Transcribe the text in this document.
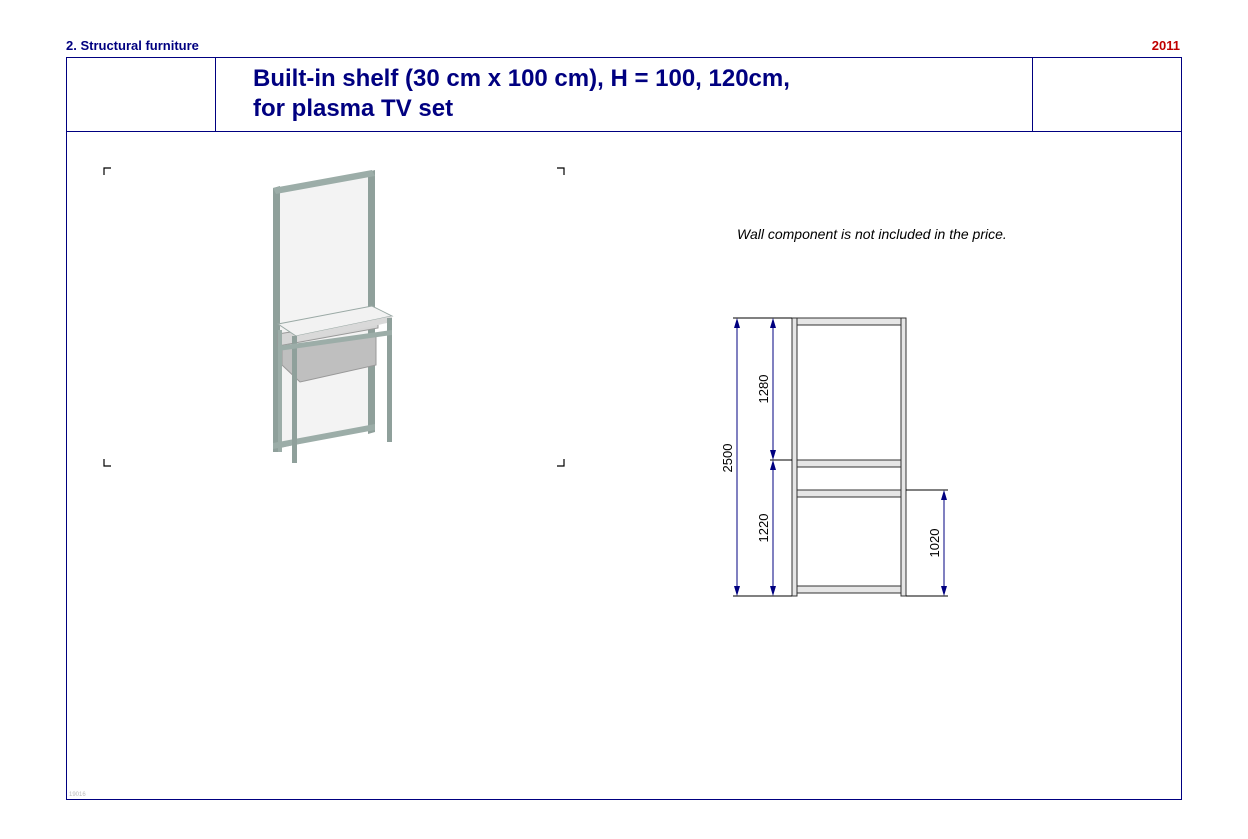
2. Structural furniture	2011
Built-in shelf (30 cm x 100 cm), H = 100, 120cm,
for plasma TV set
Wall component is not included in the price.
19016
2500
1280
1220
1020
